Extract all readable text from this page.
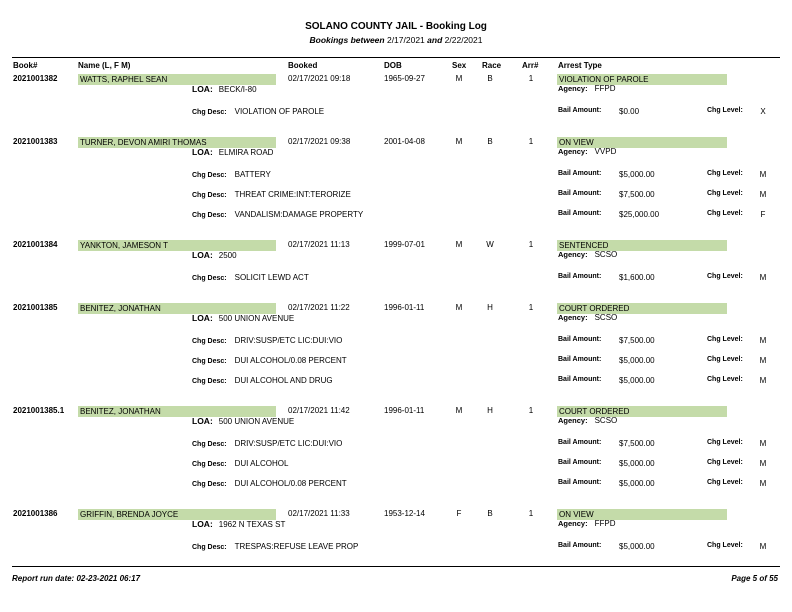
SOLANO COUNTY JAIL - Booking Log
Bookings between 2/17/2021 and 2/22/2021
Book#	Name (L, F M)	Booked	DOB	Sex Race	Arr# Arrest Type
2021001382	WATTS, RAPHEL SEAN	02/17/2021 09:18	1965-09-27	M	B	1	VIOLATION OF PAROLE
LOA: BECK/I-80	Agency: FFPD
Chg Desc: VIOLATION OF PAROLE	Bail Amount: $0.00	Chg Level:	X
2021001383	TURNER, DEVON AMIRI THOMAS	02/17/2021 09:38	2001-04-08	M	B	1	ON VIEW
LOA: ELMIRA ROAD	Agency: VVPD
Chg Desc: BATTERY	Bail Amount: $5,000.00	Chg Level:	M
Chg Desc: THREAT CRIME:INT:TERORIZE	Bail Amount: $7,500.00	Chg Level:	M
Chg Desc: VANDALISM:DAMAGE PROPERTY	Bail Amount: $25,000.00	Chg Level:	F
2021001384	YANKTON, JAMESON T	02/17/2021 11:13	1999-07-01	M	W	1	SENTENCED
LOA: 2500	Agency: SCSO
Chg Desc: SOLICIT LEWD ACT	Bail Amount: $1,600.00	Chg Level:	M
2021001385	BENITEZ, JONATHAN	02/17/2021 11:22	1996-01-11	M	H	1	COURT ORDERED
LOA: 500 UNION AVENUE	Agency: SCSO
Chg Desc: DRIV:SUSP/ETC LIC:DUI:VIO	Bail Amount: $7,500.00	Chg Level:	M
Chg Desc: DUI ALCOHOL/0.08 PERCENT	Bail Amount: $5,000.00	Chg Level:	M
Chg Desc: DUI ALCOHOL AND DRUG	Bail Amount: $5,000.00	Chg Level:	M
2021001385.1 BENITEZ, JONATHAN	02/17/2021 11:42	1996-01-11	M	H	1	COURT ORDERED
LOA: 500 UNION AVENUE	Agency: SCSO
Chg Desc: DRIV:SUSP/ETC LIC:DUI:VIO	Bail Amount: $7,500.00	Chg Level:	M
Chg Desc: DUI ALCOHOL	Bail Amount: $5,000.00	Chg Level:	M
Chg Desc: DUI ALCOHOL/0.08 PERCENT	Bail Amount: $5,000.00	Chg Level:	M
2021001386	GRIFFIN, BRENDA JOYCE	02/17/2021 11:33	1953-12-14	F	B	1	ON VIEW
LOA: 1962 N TEXAS ST	Agency: FFPD
Chg Desc: TRESPAS:REFUSE LEAVE PROP	Bail Amount: $5,000.00	Chg Level:	M
Report run date: 02-23-2021 06:17	Page 5 of 55
